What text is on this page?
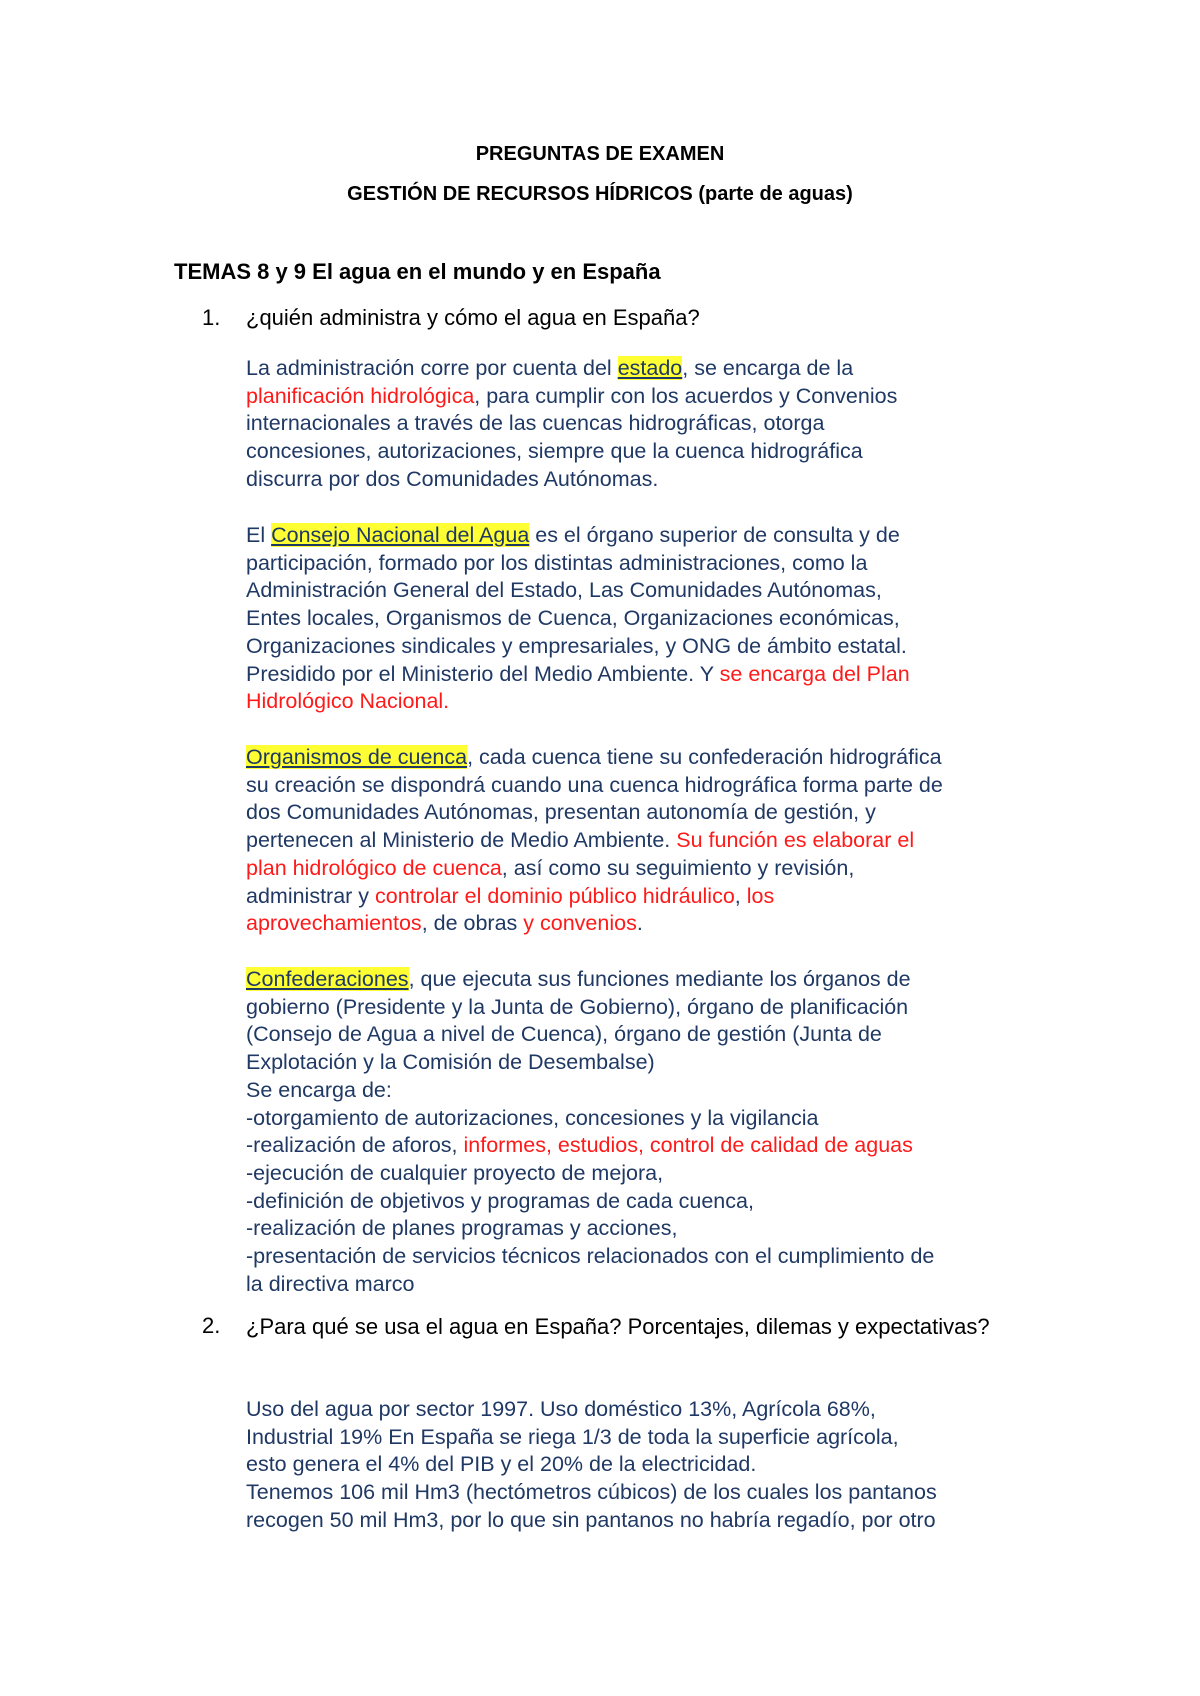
PREGUNTAS DE EXAMEN
GESTIÓN DE RECURSOS HÍDRICOS (parte de aguas)
TEMAS 8 y 9 El agua en el mundo y en España
1. ¿quién administra y cómo el agua en España?

La administración corre por cuenta del estado, se encarga de la

planificación hidrológica, para cumplir con los acuerdos y Convenios

internacionales a través de las cuencas hidrográficas, otorga

concesiones, autorizaciones, siempre que la cuenca hidrográfica

discurra por dos Comunidades Autónomas.

El Consejo Nacional del Agua es el órgano superior de consulta y de

participación, formado por los distintas administraciones, como la

Administración General del Estado, Las Comunidades Autónomas,

Entes locales, Organismos de Cuenca, Organizaciones económicas,

Organizaciones sindicales y empresariales, y ONG de ámbito estatal.

Presidido por el Ministerio del Medio Ambiente. Y se encarga del Plan

Hidrológico Nacional.

Organismos de cuenca, cada cuenca tiene su confederación hidrográfica

su creación se dispondrá cuando una cuenca hidrográfica forma parte de

dos Comunidades Autónomas, presentan autonomía de gestión, y

pertenecen al Ministerio de Medio Ambiente. Su función es elaborar el

plan hidrológico de cuenca, así como su seguimiento y revisión,

administrar y controlar el dominio público hidráulico, los

aprovechamientos, de obras y convenios.

Confederaciones, que ejecuta sus funciones mediante los órganos de

gobierno (Presidente y la Junta de Gobierno), órgano de planificación

(Consejo de Agua a nivel de Cuenca), órgano de gestión (Junta de

Explotación y la Comisión de Desembalse)

Se encarga de:

-otorgamiento de autorizaciones, concesiones y la vigilancia

-realización de aforos, informes, estudios, control de calidad de aguas

-ejecución de cualquier proyecto de mejora,

-definición de objetivos y programas de cada cuenca,

-realización de planes programas y acciones,

-presentación de servicios técnicos relacionados con el cumplimiento de

la directiva marco

2. ¿Para qué se usa el agua en España? Porcentajes, dilemas y expectativas?

Uso del agua por sector 1997. Uso doméstico 13%, Agrícola 68%,

Industrial 19% En España se riega 1/3 de toda la superficie agrícola,

esto genera el 4% del PIB y el 20% de la electricidad.

Tenemos 106 mil Hm3 (hectómetros cúbicos) de los cuales los pantanos

recogen 50 mil Hm3, por lo que sin pantanos no habría regadío, por otro
